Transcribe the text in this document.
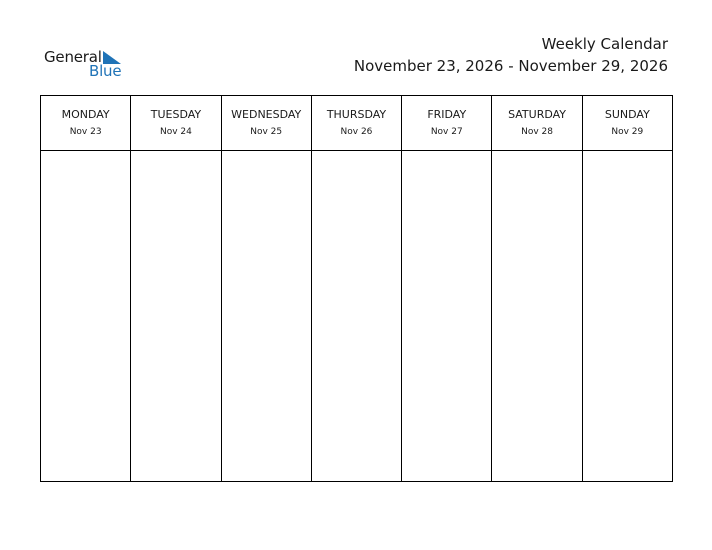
General
Blue
Weekly Calendar
November 23, 2026 - November 29, 2026
MONDAY
Nov 23
TUESDAY
Nov 24
WEDNESDAY
Nov 25
THURSDAY
Nov 26
FRIDAY
Nov 27
SATURDAY
Nov 28
SUNDAY
Nov 29
